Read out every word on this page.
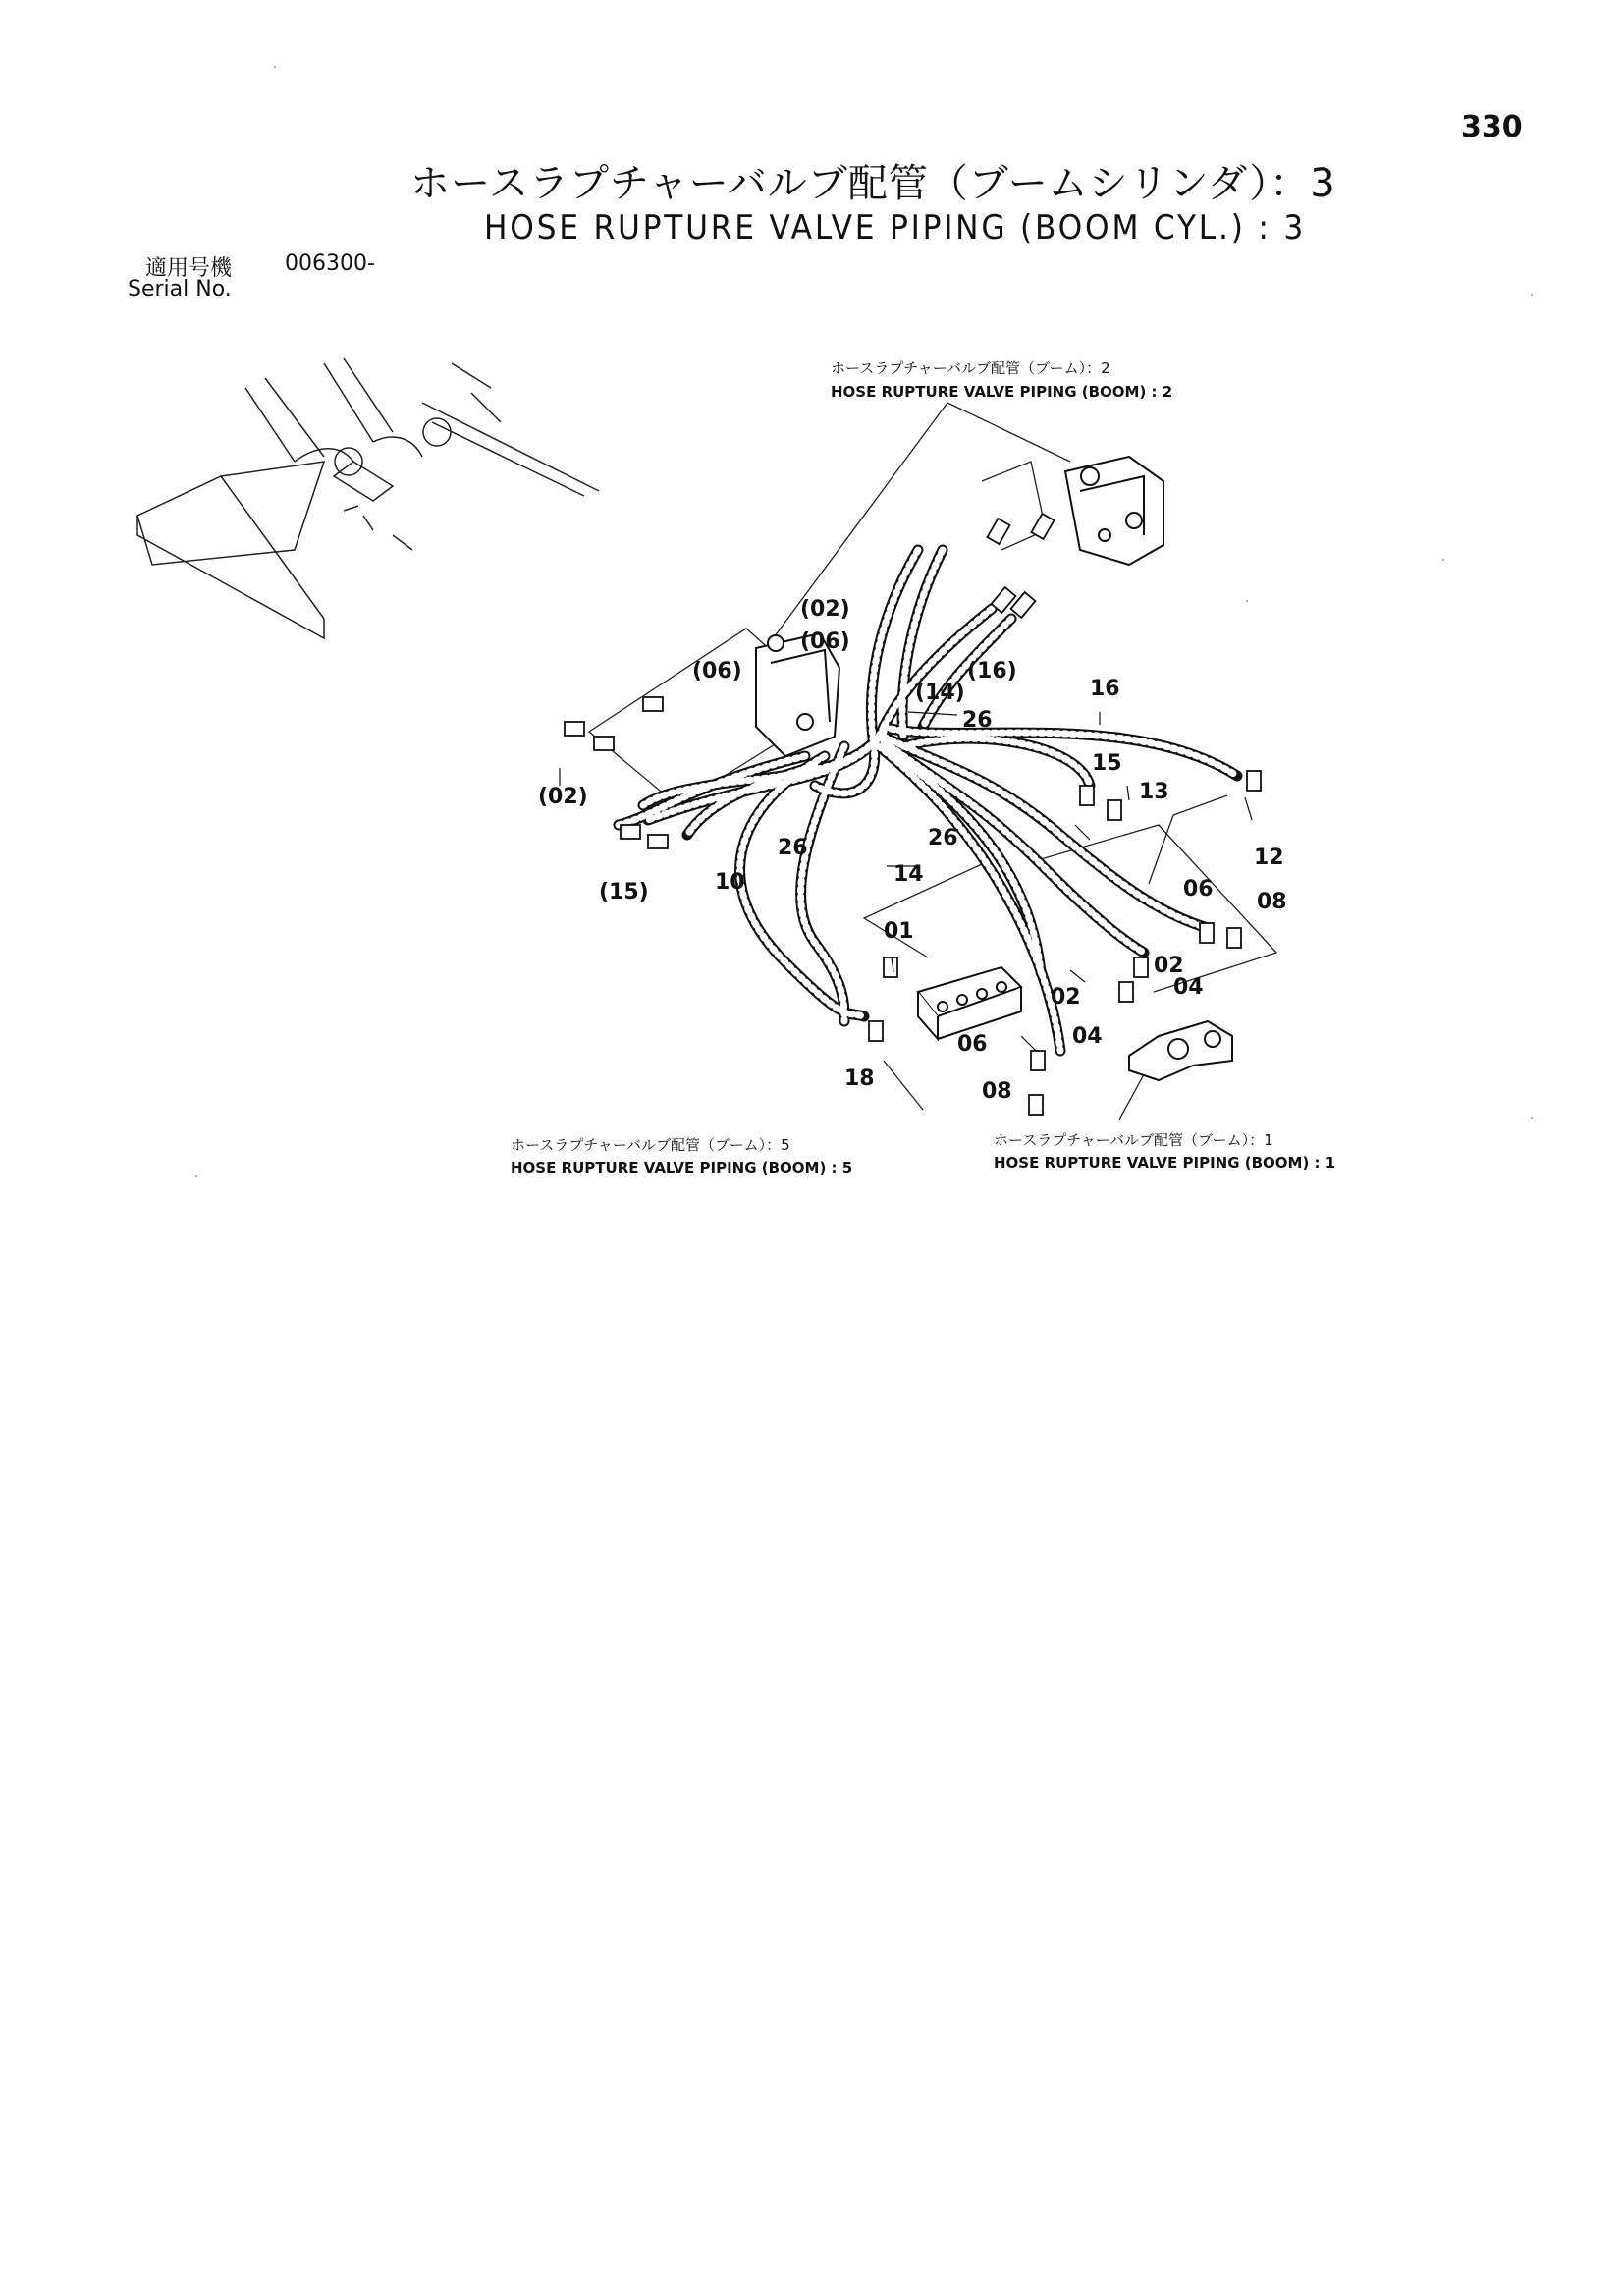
330
ホースラプチャーバルブ配管（ブームシリンダ）：3
HOSE RUPTURE VALVE PIPING (BOOM CYL.) : 3
適用号機 006300-
Serial No.
ホースラプチャーバルブ配管（ブーム）：2
HOSE RUPTURE VALVE PIPING (BOOM) : 2
ホースラプチャーバルブ配管（ブーム）：5
HOSE RUPTURE VALVE PIPING (BOOM) : 5
ホースラプチャーバルブ配管（ブーム）：1
HOSE RUPTURE VALVE PIPING (BOOM) : 1
(02)
(06)
(06)
(02)
(15)
(14)
(16)
26
26	26
16
15
13
12
10	14
06
08
01
02
04
02
04
06
08
18
